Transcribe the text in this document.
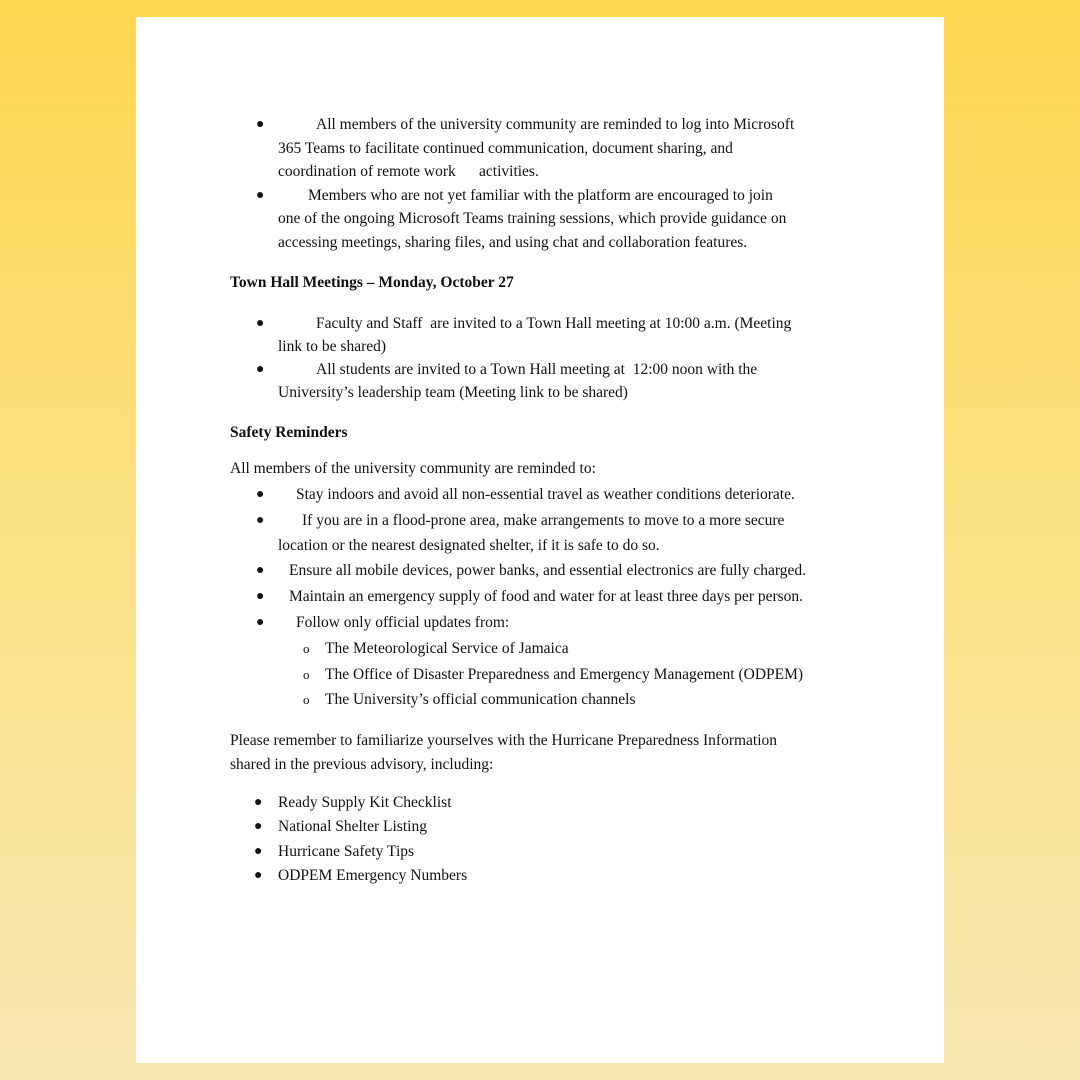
●	All members of the university community are reminded to log into Microsoft
365 Teams to facilitate continued communication, document sharing, and
coordination of remote work      activities.
●	Members who are not yet familiar with the platform are encouraged to join
one of the ongoing Microsoft Teams training sessions, which provide guidance on
accessing meetings, sharing files, and using chat and collaboration features.
Town Hall Meetings – Monday, October 27
●	Faculty and Staff  are invited to a Town Hall meeting at 10:00 a.m. (Meeting
link to be shared)
●	All students are invited to a Town Hall meeting at  12:00 noon with the
University’s leadership team (Meeting link to be shared)
Safety Reminders

All members of the university community are reminded to:

●	Stay indoors and avoid all non-essential travel as weather conditions deteriorate.
●	If you are in a flood-prone area, make arrangements to move to a more secure
location or the nearest designated shelter, if it is safe to do so.
●	Ensure all mobile devices, power banks, and essential electronics are fully charged.
●	Maintain an emergency supply of food and water for at least three days per person.
●	Follow only official updates from:
o The Meteorological Service of Jamaica
o The Office of Disaster Preparedness and Emergency Management (ODPEM)
o The University’s official communication channels
Please remember to familiarize yourselves with the Hurricane Preparedness Information
shared in the previous advisory, including:
● Ready Supply Kit Checklist
● National Shelter Listing
● Hurricane Safety Tips
● ODPEM Emergency Numbers
